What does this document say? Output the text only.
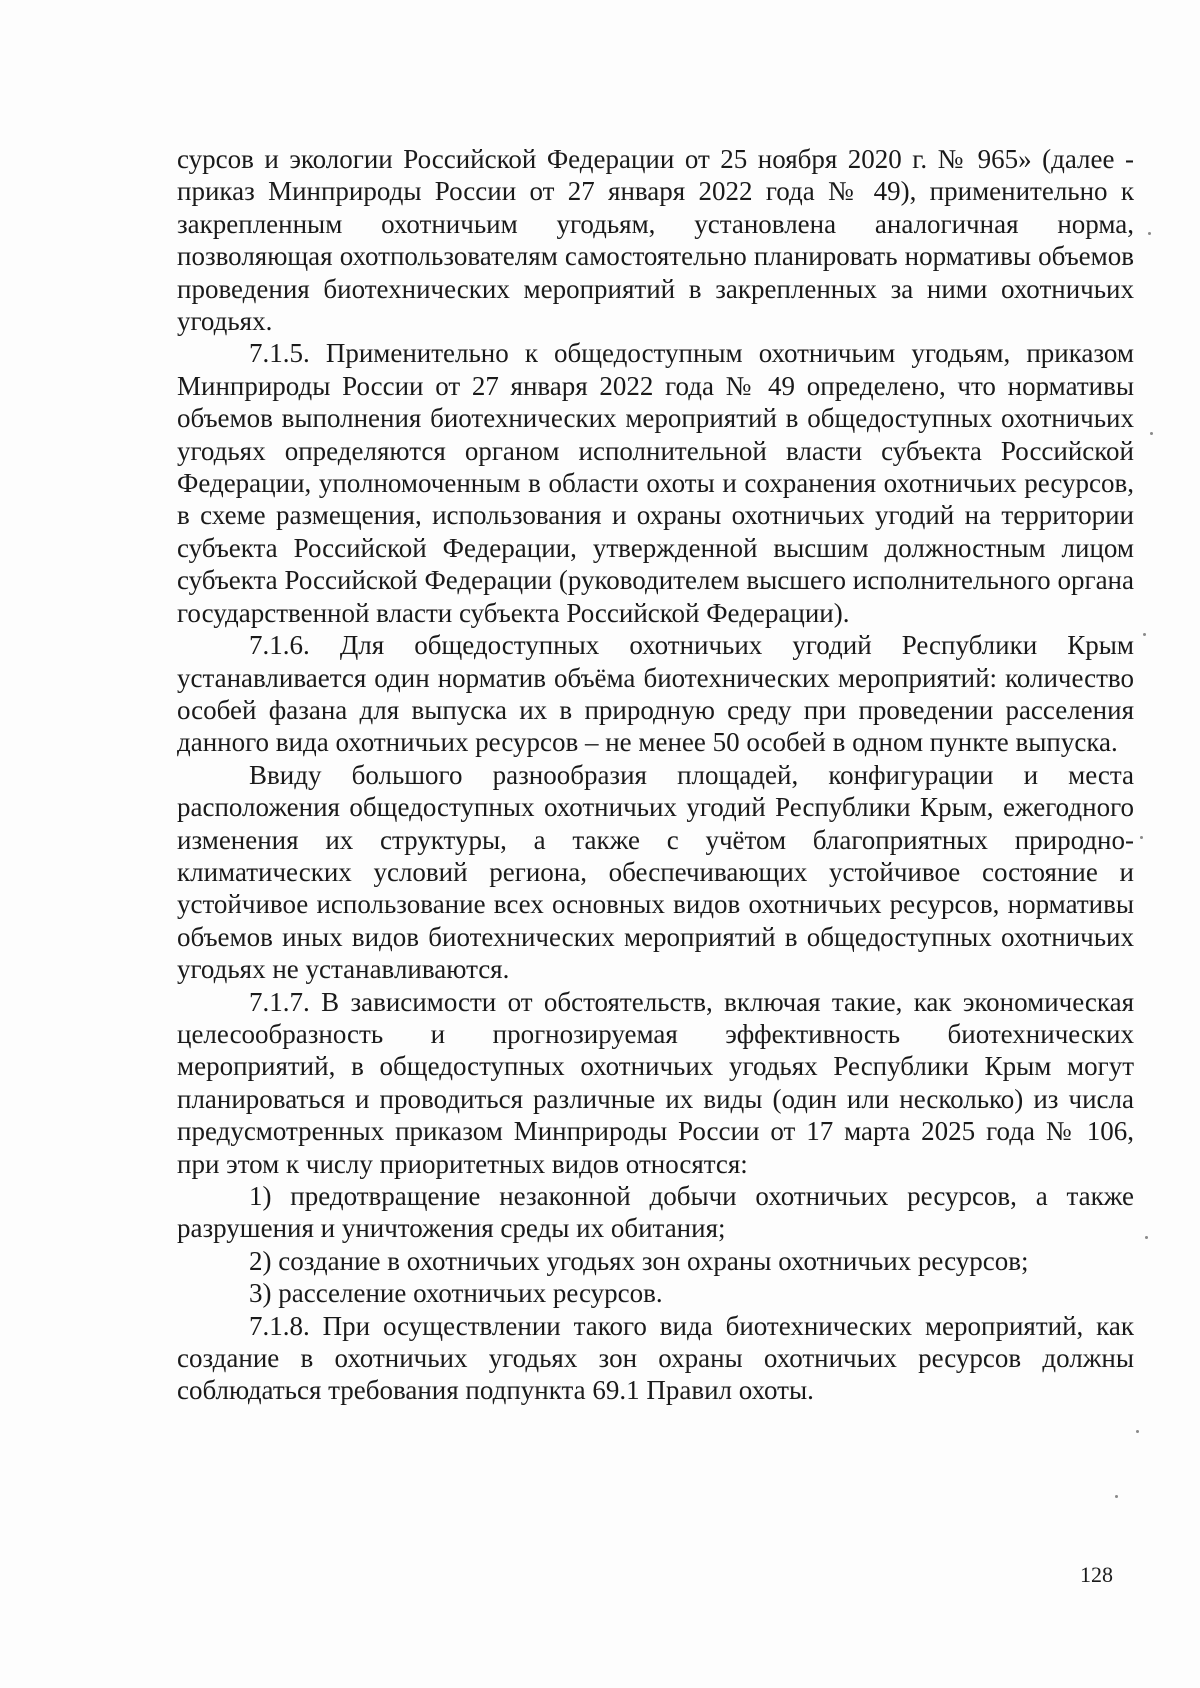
сурсов и экологии Российской Федерации от 25 ноября 2020 г. № 965» (далее - приказ Минприроды России от 27 января 2022 года № 49), применительно к закрепленным охотничьим угодьям, установлена аналогичная норма, позволяющая охотпользователям самостоятельно планировать нормативы объемов проведения биотехнических мероприятий в закрепленных за ними охотничьих угодьях.

7.1.5. Применительно к общедоступным охотничьим угодьям, приказом Минприроды России от 27 января 2022 года № 49 определено, что нормативы объемов выполнения биотехнических мероприятий в общедоступных охотничьих угодьях определяются органом исполнительной власти субъекта Российской Федерации, уполномоченным в области охоты и сохранения охотничьих ресурсов, в схеме размещения, использования и охраны охотничьих угодий на территории субъекта Российской Федерации, утвержденной высшим должностным лицом субъекта Российской Федерации (руководителем высшего исполнительного органа государственной власти субъекта Российской Федерации).

7.1.6. Для общедоступных охотничьих угодий Республики Крым устанавливается один норматив объёма биотехнических мероприятий: количество особей фазана для выпуска их в природную среду при проведении расселения данного вида охотничьих ресурсов – не менее 50 особей в одном пункте выпуска.

Ввиду большого разнообразия площадей, конфигурации и места расположения общедоступных охотничьих угодий Республики Крым, ежегодного изменения их структуры, а также с учётом благоприятных природно-климатических условий региона, обеспечивающих устойчивое состояние и устойчивое использование всех основных видов охотничьих ресурсов, нормативы объемов иных видов биотехнических мероприятий в общедоступных охотничьих угодьях не устанавливаются.

7.1.7. В зависимости от обстоятельств, включая такие, как экономическая целесообразность и прогнозируемая эффективность биотехнических мероприятий, в общедоступных охотничьих угодьях Республики Крым могут планироваться и проводиться различные их виды (один или несколько) из числа предусмотренных приказом Минприроды России от 17 марта 2025 года № 106, при этом к числу приоритетных видов относятся:

1) предотвращение незаконной добычи охотничьих ресурсов, а также разрушения и уничтожения среды их обитания;

2) создание в охотничьих угодьях зон охраны охотничьих ресурсов;

3) расселение охотничьих ресурсов.

7.1.8. При осуществлении такого вида биотехнических мероприятий, как создание в охотничьих угодьях зон охраны охотничьих ресурсов должны соблюдаться требования подпункта 69.1 Правил охоты.

128
